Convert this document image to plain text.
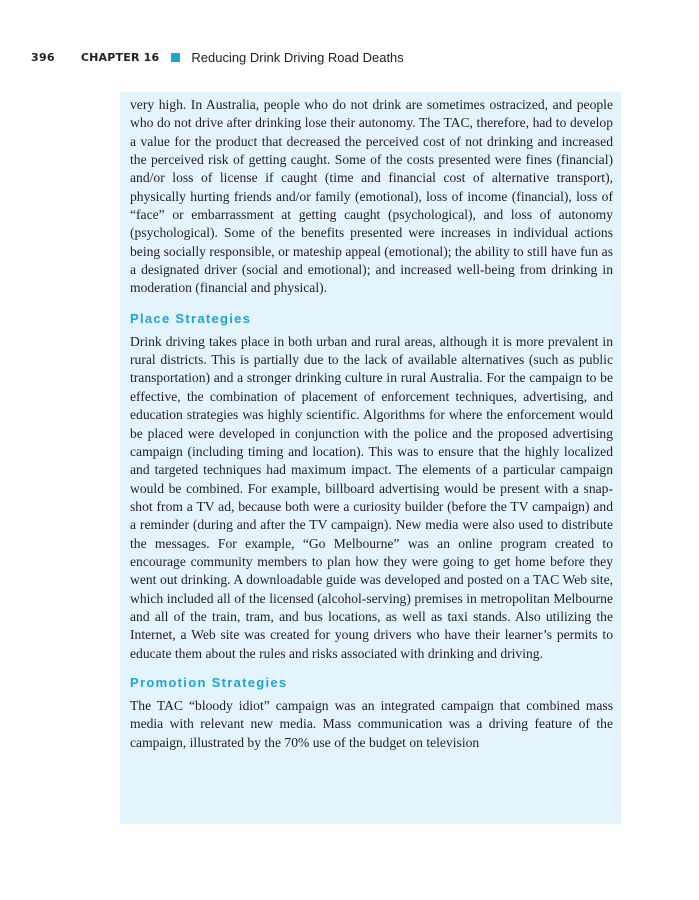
396 CHAPTER 16 Reducing Drink Driving Road Deaths

very high. In Australia, people who do not drink are sometimes ostracized, and people who do not drive after drinking lose their autonomy. The TAC, therefore, had to develop a value for the product that decreased the perceived cost of not drinking and increased the perceived risk of getting caught. Some of the costs presented were fines (financial) and/or loss of license if caught (time and financial cost of alternative transport), physically hurting friends and/or family (emotional), loss of income (financial), loss of “face” or embarrassment at getting caught (psychological), and loss of autonomy (psychological). Some of the benefits presented were increases in individual actions being socially responsible, or mateship appeal (emotional); the ability to still have fun as a designated driver (social and emotional); and increased well-being from drinking in moderation (financial and physical).

Place Strategies

Drink driving takes place in both urban and rural areas, although it is more prevalent in rural districts. This is partially due to the lack of available alternatives (such as public transportation) and a stronger drinking culture in rural Australia. For the campaign to be effective, the combination of placement of enforcement techniques, advertising, and education strategies was highly scientific. Algorithms for where the enforcement would be placed were developed in conjunction with the police and the proposed advertising campaign (including timing and location). This was to ensure that the highly localized and targeted techniques had maximum impact. The elements of a particular campaign would be combined. For example, billboard advertising would be present with a snapshot from a TV ad, because both were a curiosity builder (before the TV campaign) and a reminder (during and after the TV campaign). New media were also used to distribute the messages. For example, “Go Melbourne” was an online program created to encourage community members to plan how they were going to get home before they went out drinking. A downloadable guide was developed and posted on a TAC Web site, which included all of the licensed (alcohol-serving) premises in metropolitan Melbourne and all of the train, tram, and bus locations, as well as taxi stands. Also utilizing the Internet, a Web site was created for young drivers who have their learner’s permits to educate them about the rules and risks associated with drinking and driving.

Promotion Strategies

The TAC “bloody idiot” campaign was an integrated campaign that combined mass media with relevant new media. Mass communication was a driving feature of the campaign, illustrated by the 70% use of the budget on television
